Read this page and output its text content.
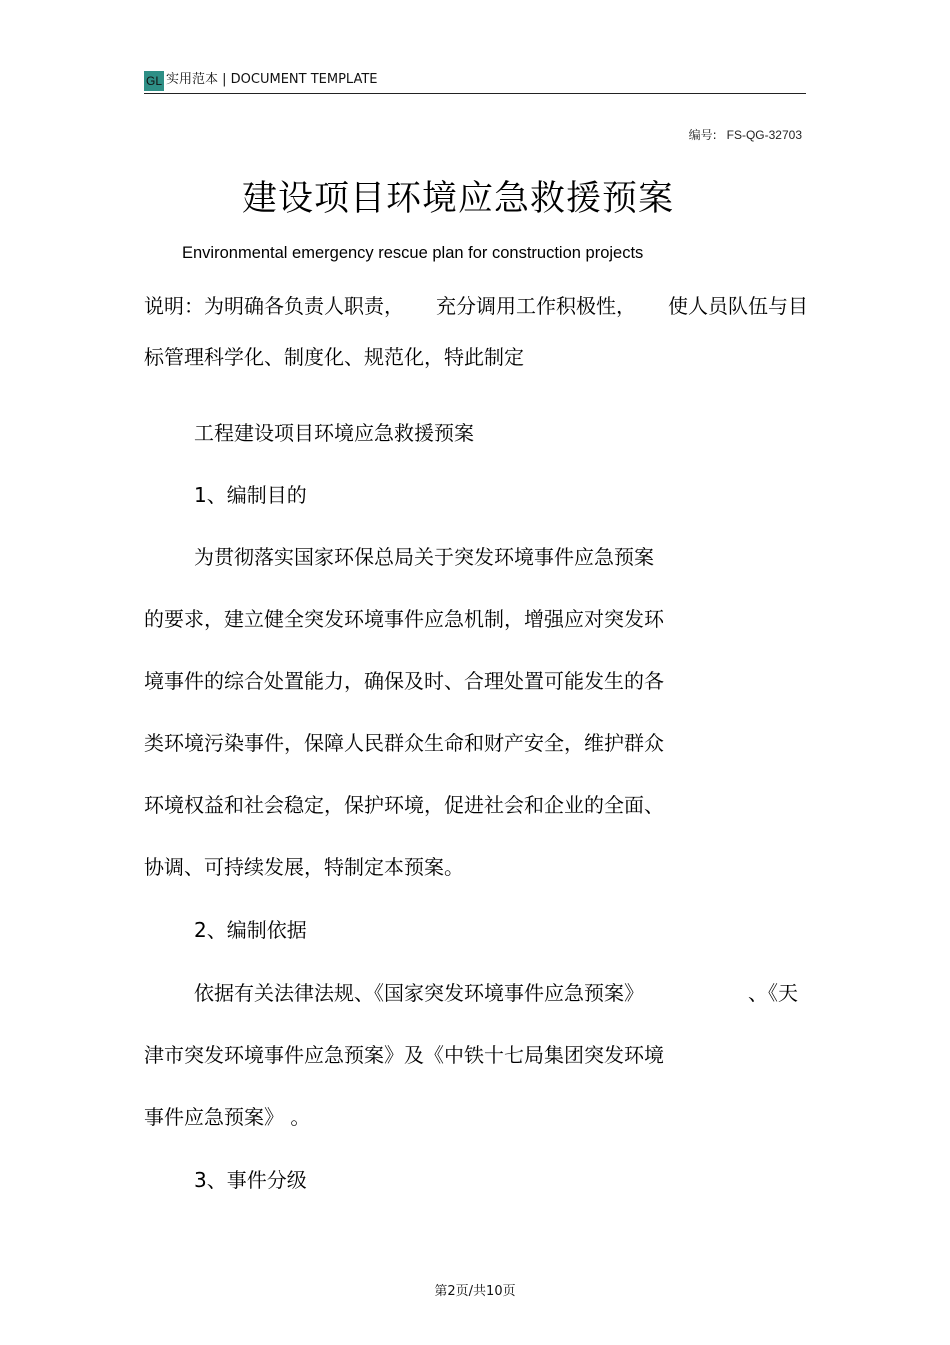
GL 实用范本 | DOCUMENT TEMPLATE
编号: FS-QG-32703
建设项目环境应急救援预案
Environmental emergency rescue plan for construction projects
说明：为明确各负责人职责， 充分调用工作积极性， 使人员队伍与目
标管理科学化、制度化、规范化，特此制定
工程建设项目环境应急救援预案
1、编制目的
为贯彻落实国家环保总局关于突发环境事件应急预案
的要求，建立健全突发环境事件应急机制，增强应对突发环
境事件的综合处置能力，确保及时、合理处置可能发生的各
类环境污染事件，保障人民群众生命和财产安全，维护群众
环境权益和社会稳定，保护环境，促进社会和企业的全面、
协调、可持续发展，特制定本预案。
2、编制依据
依据有关法律法规、《国家突发环境事件应急预案》	、《天
津市突发环境事件应急预案》及《中铁十七局集团突发环境
事件应急预案》 。
3、事件分级
第2页/共10页
